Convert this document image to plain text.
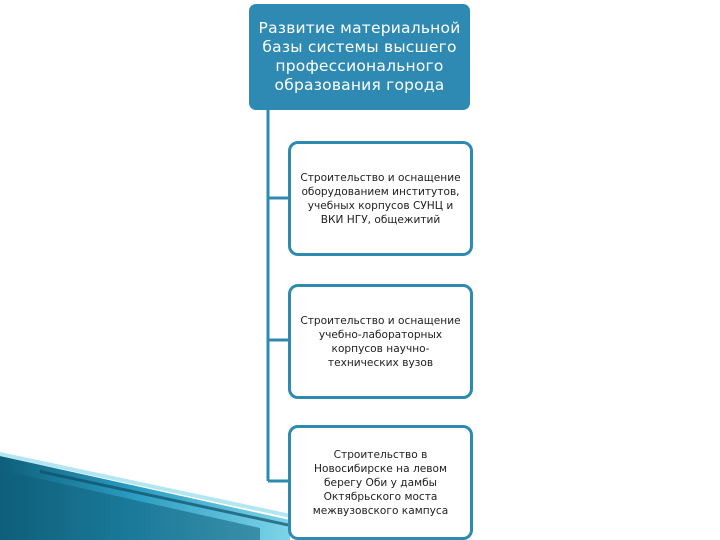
Развитие материальной базы системы высшего профессионального образования города
Строительство и оснащение оборудованием институтов, учебных корпусов СУНЦ и ВКИ НГУ, общежитий
Строительство и оснащение учебно-лабораторных корпусов научно-технических вузов
Строительство в Новосибирске на левом берегу Оби у дамбы Октябрьского моста межвузовского кампуса
